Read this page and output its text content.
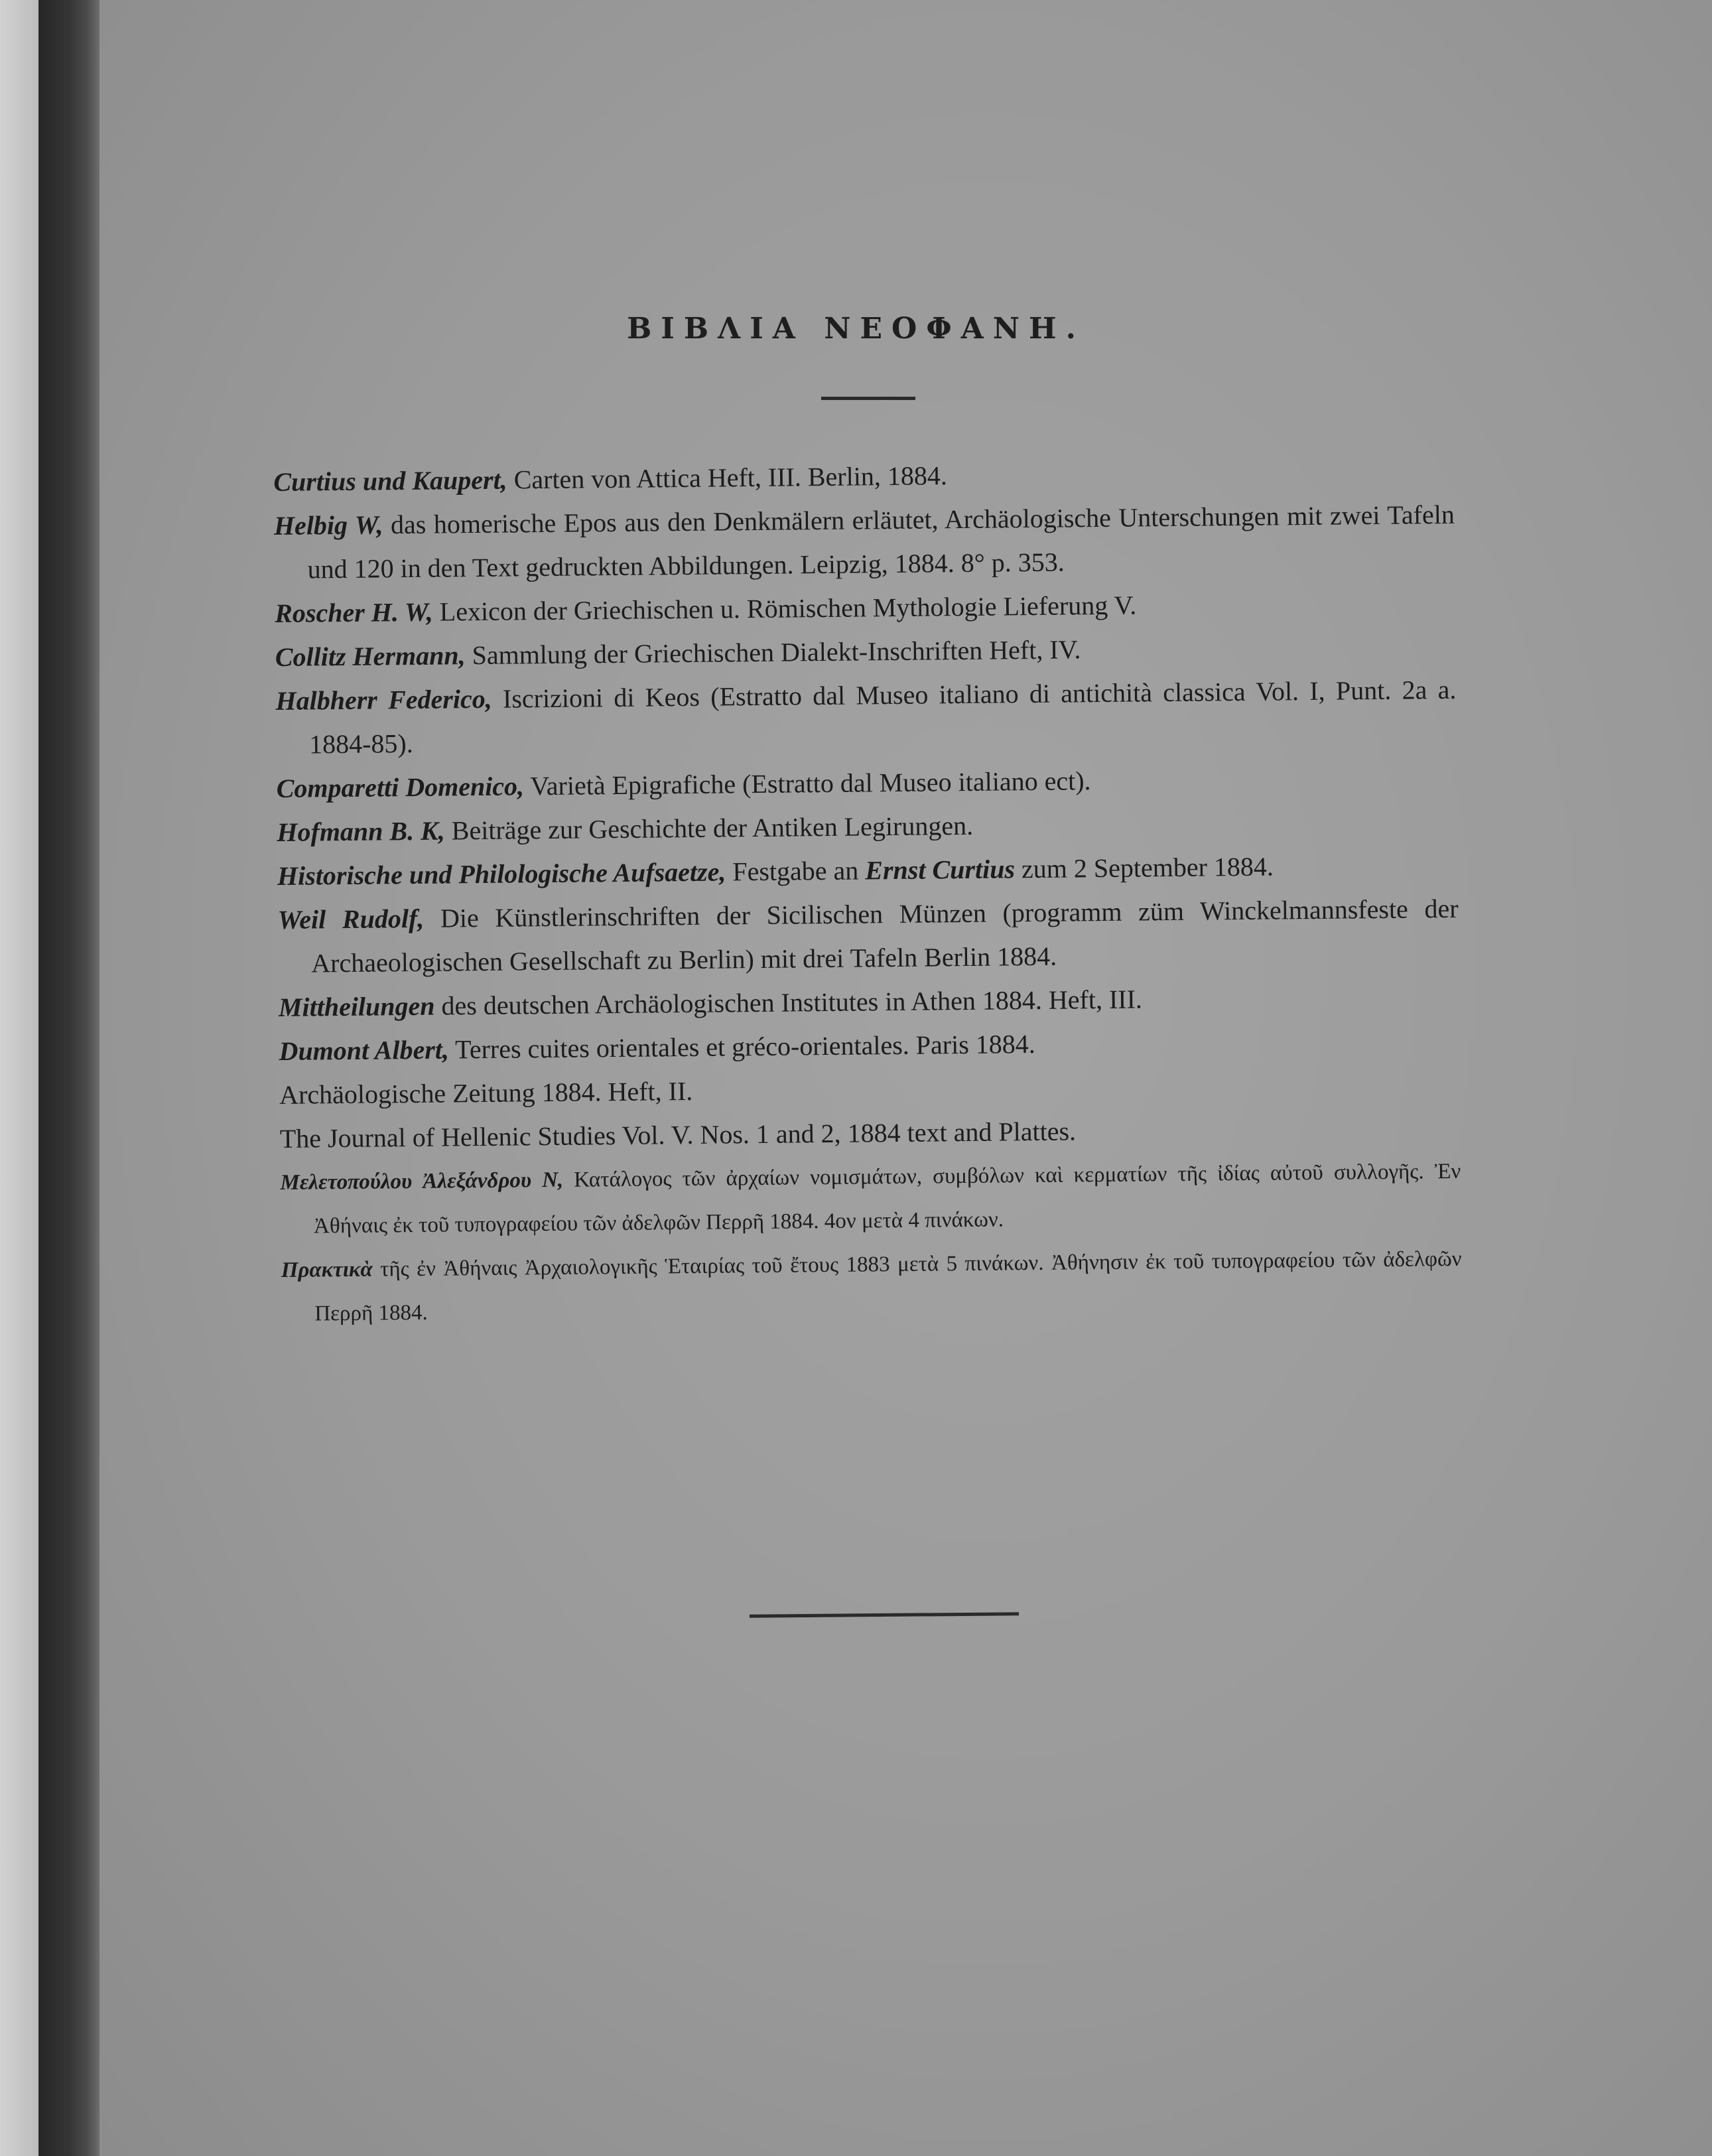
ΒΙΒΛΙΑ ΝΕΟΦΑΝΗ.
Curtius und Kaupert, Carten von Attica Heft, III. Berlin, 1884.
Helbig W, das homerische Epos aus den Denkmälern erläutet, Archäologische Unterschungen mit zwei Tafeln und 120 in den Text gedruckten Abbildungen. Leipzig, 1884. 8° p. 353.
Roscher H. W, Lexicon der Griechischen u. Römischen Mythologie Lieferung V.
Collitz Hermann, Sammlung der Griechischen Dialekt-Inschriften Heft, IV.
Halbherr Federico, Iscrizioni di Keos (Estratto dal Museo italiano di antichità classica Vol. I, Punt. 2a a. 1884-85).
Comparetti Domenico, Varietà Epigrafiche (Estratto dal Museo italiano ect).
Hofmann B. K, Beiträge zur Geschichte der Antiken Legirungen.
Historische und Philologische Aufsaetze, Festgabe an Ernst Curtius zum 2 September 1884.
Weil Rudolf, Die Künstlerinschriften der Sicilischen Münzen (programm züm Winckelmannsfeste der Archaeologischen Gesellschaft zu Berlin) mit drei Tafeln Berlin 1884.
Mittheilungen des deutschen Archäologischen Institutes in Athen 1884. Heft, III.
Dumont Albert, Terres cuites orientales et gréco-orientales. Paris 1884.
Archäologische Zeitung 1884. Heft, II.
The Journal of Hellenic Studies Vol. V. Nos. 1 and 2, 1884 text and Plattes.
Μελετοπούλου Ἀλεξάνδρου Ν, Κατάλογος τῶν ἀρχαίων νομισμάτων, συμβόλων καὶ κερματίων τῆς ἰδίας αὐτοῦ συλλογῆς. Ἐν Ἀθήναις ἐκ τοῦ τυπογραφείου τῶν ἀδελφῶν Περρῆ 1884. 4ον μετὰ 4 πινάκων.
Πρακτικὰ τῆς ἐν Ἀθήναις Ἀρχαιολογικῆς Ἑταιρίας τοῦ ἔτους 1883 μετὰ 5 πινάκων. Ἀθήνησιν ἐκ τοῦ τυπογραφείου τῶν ἀδελφῶν Περρῆ 1884.
